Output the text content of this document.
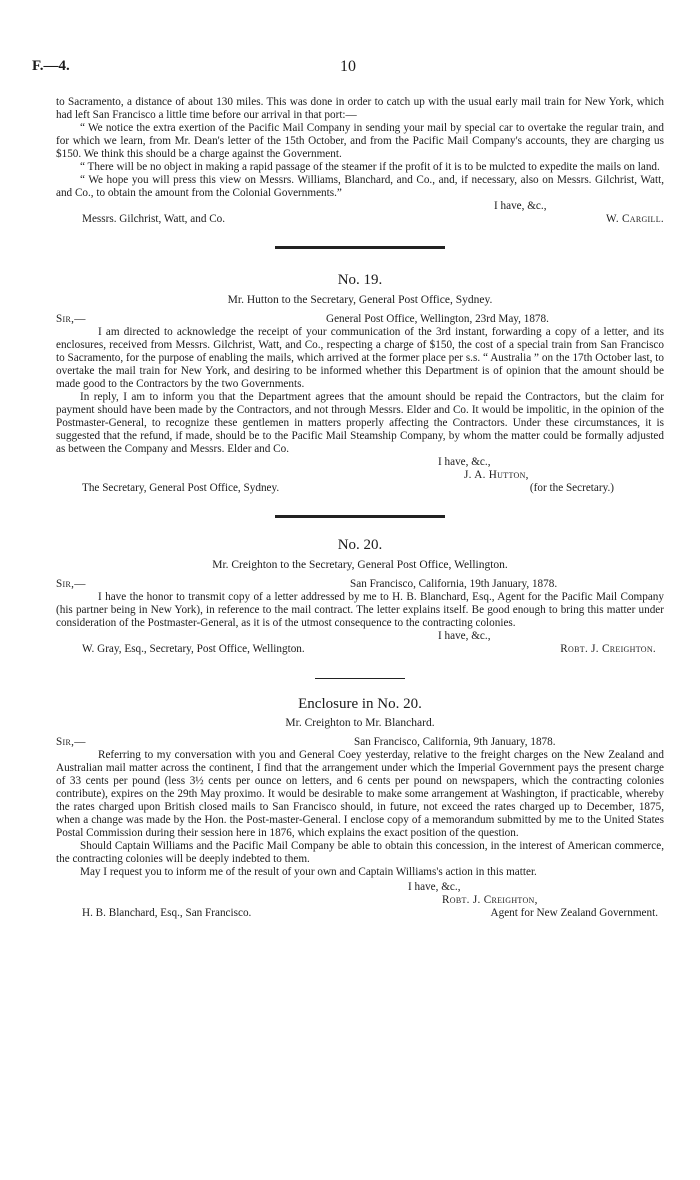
F.—4.	10

to Sacramento, a distance of about 130 miles. This was done in order to catch up with the usual early mail train for New York, which had left San Francisco a little time before our arrival in that port:—

“ We notice the extra exertion of the Pacific Mail Company in sending your mail by special car to overtake the regular train, and for which we learn, from Mr. Dean's letter of the 15th October, and from the Pacific Mail Company's accounts, they are charging us $150. We think this should be a charge against the Government.

“ There will be no object in making a rapid passage of the steamer if the profit of it is to be mulcted to expedite the mails on land.

“ We hope you will press this view on Messrs. Williams, Blanchard, and Co., and, if necessary, also on Messrs. Gilchrist, Watt, and Co., to obtain the amount from the Colonial Governments.”

I have, &c.,
Messrs. Gilchrist, Watt, and Co.	W. Cargill.
No. 19.
Mr. Hutton to the Secretary, General Post Office, Sydney.
Sir,—	General Post Office, Wellington, 23rd May, 1878.

I am directed to acknowledge the receipt of your communication of the 3rd instant, forwarding a copy of a letter, and its enclosures, received from Messrs. Gilchrist, Watt, and Co., respecting a charge of $150, the cost of a special train from San Francisco to Sacramento, for the purpose of enabling the mails, which arrived at the former place per s.s. “ Australia ” on the 17th October last, to overtake the mail train for New York, and desiring to be informed whether this Department is of opinion that the amount should be made good to the Contractors by the two Governments.

In reply, I am to inform you that the Department agrees that the amount should be repaid the Contractors, but the claim for payment should have been made by the Contractors, and not through Messrs. Elder and Co. It would be impolitic, in the opinion of the Postmaster-General, to recognize these gentlemen in matters properly affecting the Contractors. Under these circumstances, it is suggested that the refund, if made, should be to the Pacific Mail Steamship Company, by whom the matter could be formally adjusted as between the Company and Messrs. Elder and Co.

I have, &c.,
J. A. Hutton,
The Secretary, General Post Office, Sydney.	(for the Secretary.)
No. 20.
Mr. Creighton to the Secretary, General Post Office, Wellington.
Sir,—	San Francisco, California, 19th January, 1878.

I have the honor to transmit copy of a letter addressed by me to H. B. Blanchard, Esq., Agent for the Pacific Mail Company (his partner being in New York), in reference to the mail contract. The letter explains itself. Be good enough to bring this matter under consideration of the Postmaster-General, as it is of the utmost consequence to the contracting colonies.

I have, &c.,
W. Gray, Esq., Secretary, Post Office, Wellington.	Robt. J. Creighton.
Enclosure in No. 20.
Mr. Creighton to Mr. Blanchard.
Sir,—	San Francisco, California, 9th January, 1878.

Referring to my conversation with you and General Coey yesterday, relative to the freight charges on the New Zealand and Australian mail matter across the continent, I find that the arrangement under which the Imperial Government pays the present charge of 33 cents per pound (less 3½ cents per ounce on letters, and 6 cents per pound on newspapers, which the contracting colonies contribute), expires on the 29th May proximo. It would be desirable to make some arrangement at Washington, if practicable, whereby the rates charged upon British closed mails to San Francisco should, in future, not exceed the rates charged up to December, 1875, when a change was made by the Hon. the Post-master-General. I enclose copy of a memorandum submitted by me to the United States Postal Commission during their session here in 1876, which explains the exact position of the question.

Should Captain Williams and the Pacific Mail Company be able to obtain this concession, in the interest of American commerce, the contracting colonies will be deeply indebted to them.

May I request you to inform me of the result of your own and Captain Williams's action in this matter.

I have, &c.,
Robt. J. Creighton,
H. B. Blanchard, Esq., San Francisco.	Agent for New Zealand Government.
